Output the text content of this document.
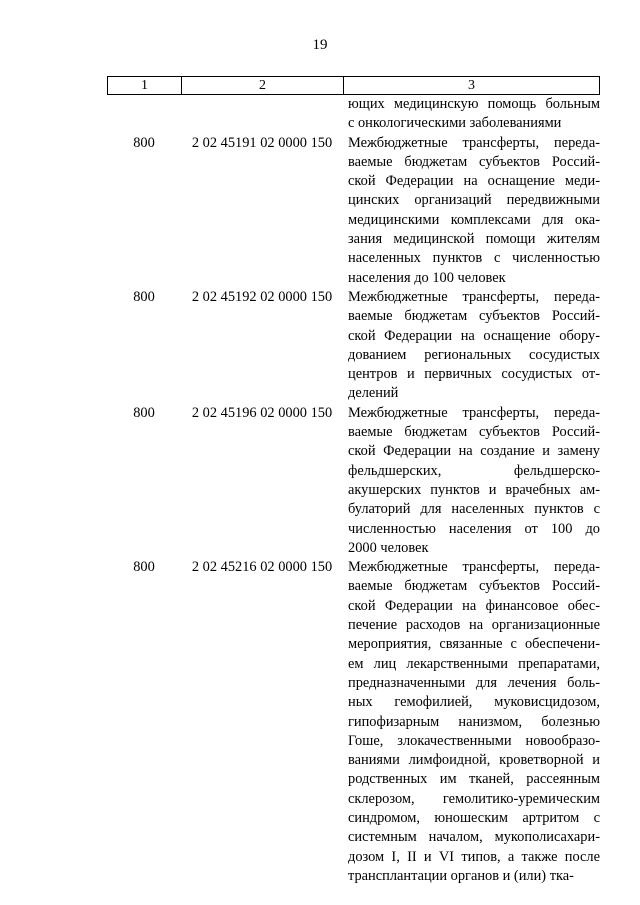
19
1	2	3
ющих медицинскую помощь больным
с онкологическими заболеваниями
800	2 02 45191 02 0000 150	Межбюджетные трансферты, переда-
ваемые бюджетам субъектов Россий-
ской Федерации на оснащение меди-
цинских организаций передвижными
медицинскими комплексами для ока-
зания медицинской помощи жителям
населенных пунктов с численностью
населения до 100 человек
800	2 02 45192 02 0000 150	Межбюджетные трансферты, переда-
ваемые бюджетам субъектов Россий-
ской Федерации на оснащение обору-
дованием региональных сосудистых
центров и первичных сосудистых от-
делений
800	2 02 45196 02 0000 150	Межбюджетные трансферты, переда-
ваемые бюджетам субъектов Россий-
ской Федерации на создание и замену
фельдшерских, фельдшерско-
акушерских пунктов и врачебных ам-
булаторий для населенных пунктов с
численностью населения от 100 до
2000 человек
800	2 02 45216 02 0000 150	Межбюджетные трансферты, переда-
ваемые бюджетам субъектов Россий-
ской Федерации на финансовое обес-
печение расходов на организационные
мероприятия, связанные с обеспечени-
ем лиц лекарственными препаратами,
предназначенными для лечения боль-
ных гемофилией, муковисцидозом,
гипофизарным нанизмом, болезнью
Гоше, злокачественными новообразо-
ваниями лимфоидной, кроветворной и
родственных им тканей, рассеянным
склерозом, гемолитико-уремическим
синдромом, юношеским артритом с
системным началом, мукополисахари-
дозом I, II и VI типов, а также после
трансплантации органов и (или) тка-
